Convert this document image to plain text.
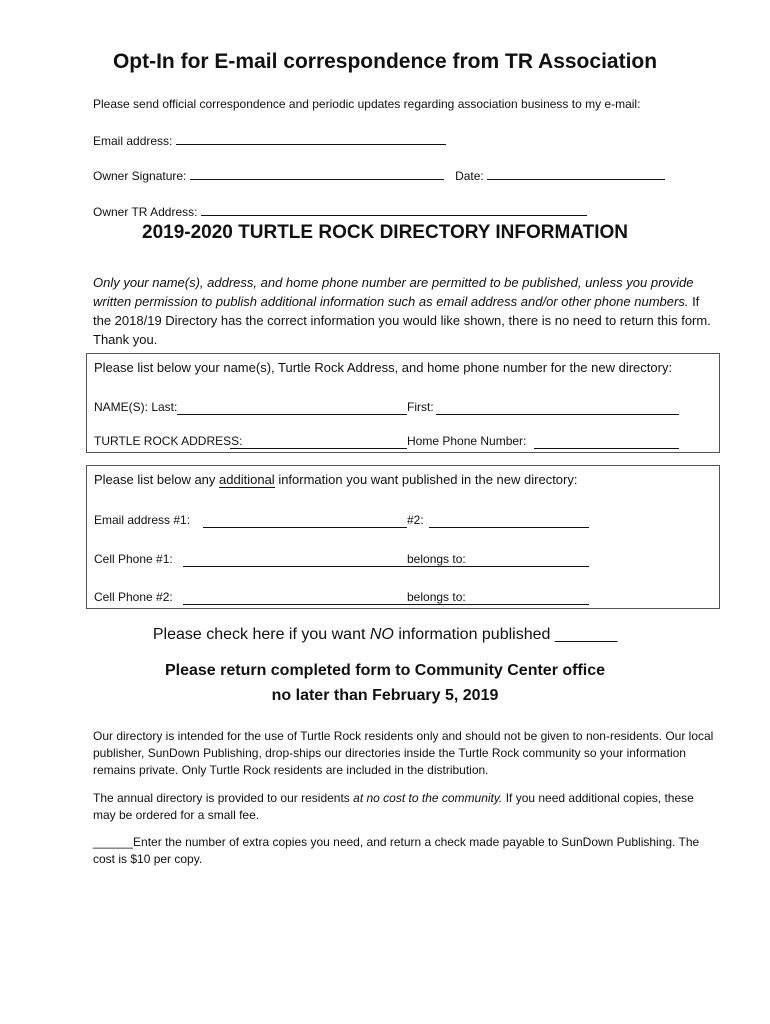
Opt-In for E-mail correspondence from TR Association
Please send official correspondence and periodic updates regarding association business to my e-mail:
Email address:
Owner Signature:	Date:
Owner TR Address:
2019-2020 TURTLE ROCK DIRECTORY INFORMATION
Only your name(s), address, and home phone number are permitted to be published, unless you provide written permission to publish additional information such as email address and/or other phone numbers. If the 2018/19 Directory has the correct information you would like shown, there is no need to return this form. Thank you.
Please list below your name(s), Turtle Rock Address, and home phone number for the new directory:
NAME(S): Last:	First:
TURTLE ROCK ADDRESS:	Home Phone Number:
Please list below any additional information you want published in the new directory:
Email address #1:	#2:
Cell Phone #1:	belongs to:
Cell Phone #2:	belongs to:
Please check here if you want NO information published _______
Please return completed form to Community Center office
no later than February 5, 2019
Our directory is intended for the use of Turtle Rock residents only and should not be given to non-residents. Our local publisher, SunDown Publishing, drop-ships our directories inside the Turtle Rock community so your information remains private. Only Turtle Rock residents are included in the distribution.
The annual directory is provided to our residents at no cost to the community. If you need additional copies, these may be ordered for a small fee.
______Enter the number of extra copies you need, and return a check made payable to SunDown Publishing. The cost is $10 per copy.
